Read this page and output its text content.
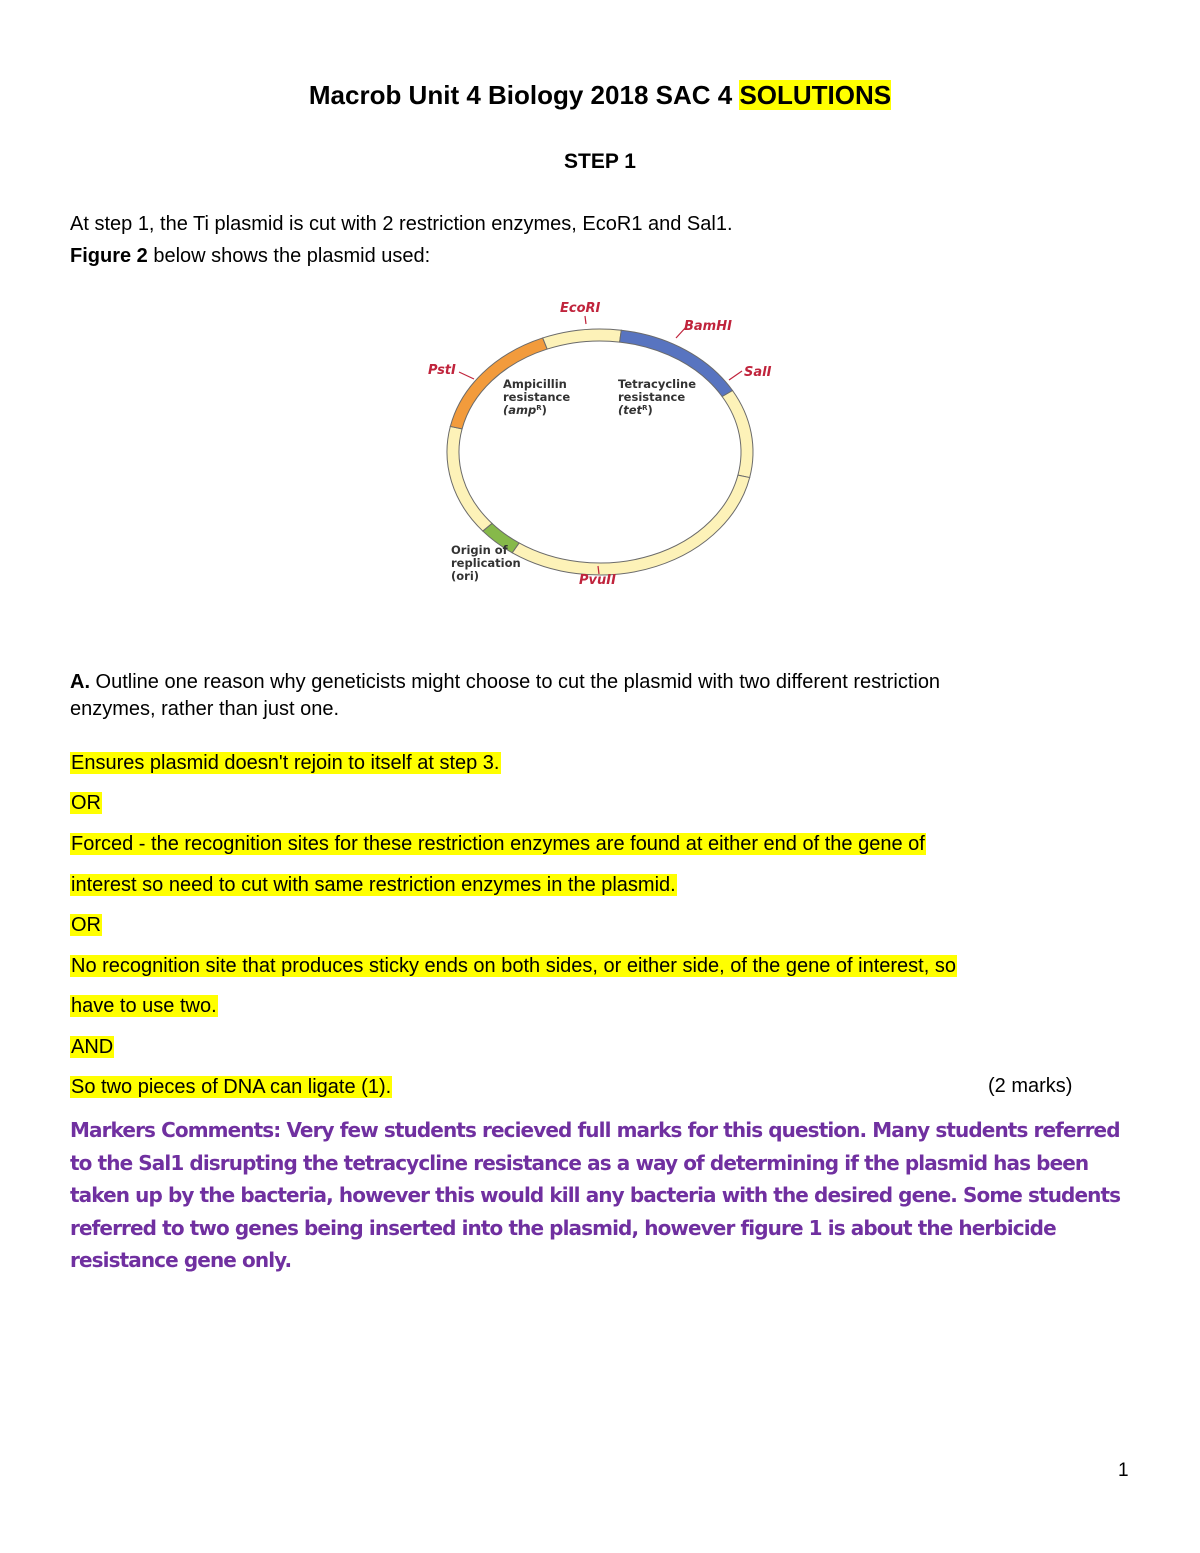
Macrob Unit 4 Biology 2018 SAC 4 SOLUTIONS
STEP 1
At step 1, the Ti plasmid is cut with 2 restriction enzymes, EcoR1 and Sal1.
Figure 2 below shows the plasmid used:
EcoRI
BamHI
SalI
PstI
PvuII
Ampicillin
resistance
(amp$^R$)
Tetracycline
resistance
(tet$^R$)
Origin of
replication
(ori)
A. Outline one reason why geneticists might choose to cut the plasmid with two different restriction
enzymes, rather than just one.
Ensures plasmid doesn't rejoin to itself at step 3.
OR
Forced - the recognition sites for these restriction enzymes are found at either end of the gene of
interest so need to cut with same restriction enzymes in the plasmid.
OR
No recognition site that produces sticky ends on both sides, or either side, of the gene of interest, so
have to use two.
AND
So two pieces of DNA can ligate (1).	(2 marks)
Markers Comments: Very few students recieved full marks for this question. Many students referred to the Sal1 disrupting the tetracycline resistance as a way of determining if the plasmid has been taken up by the bacteria, however this would kill any bacteria with the desired gene. Some students referred to two genes being inserted into the plasmid, however figure 1 is about the herbicide resistance gene only.
1
